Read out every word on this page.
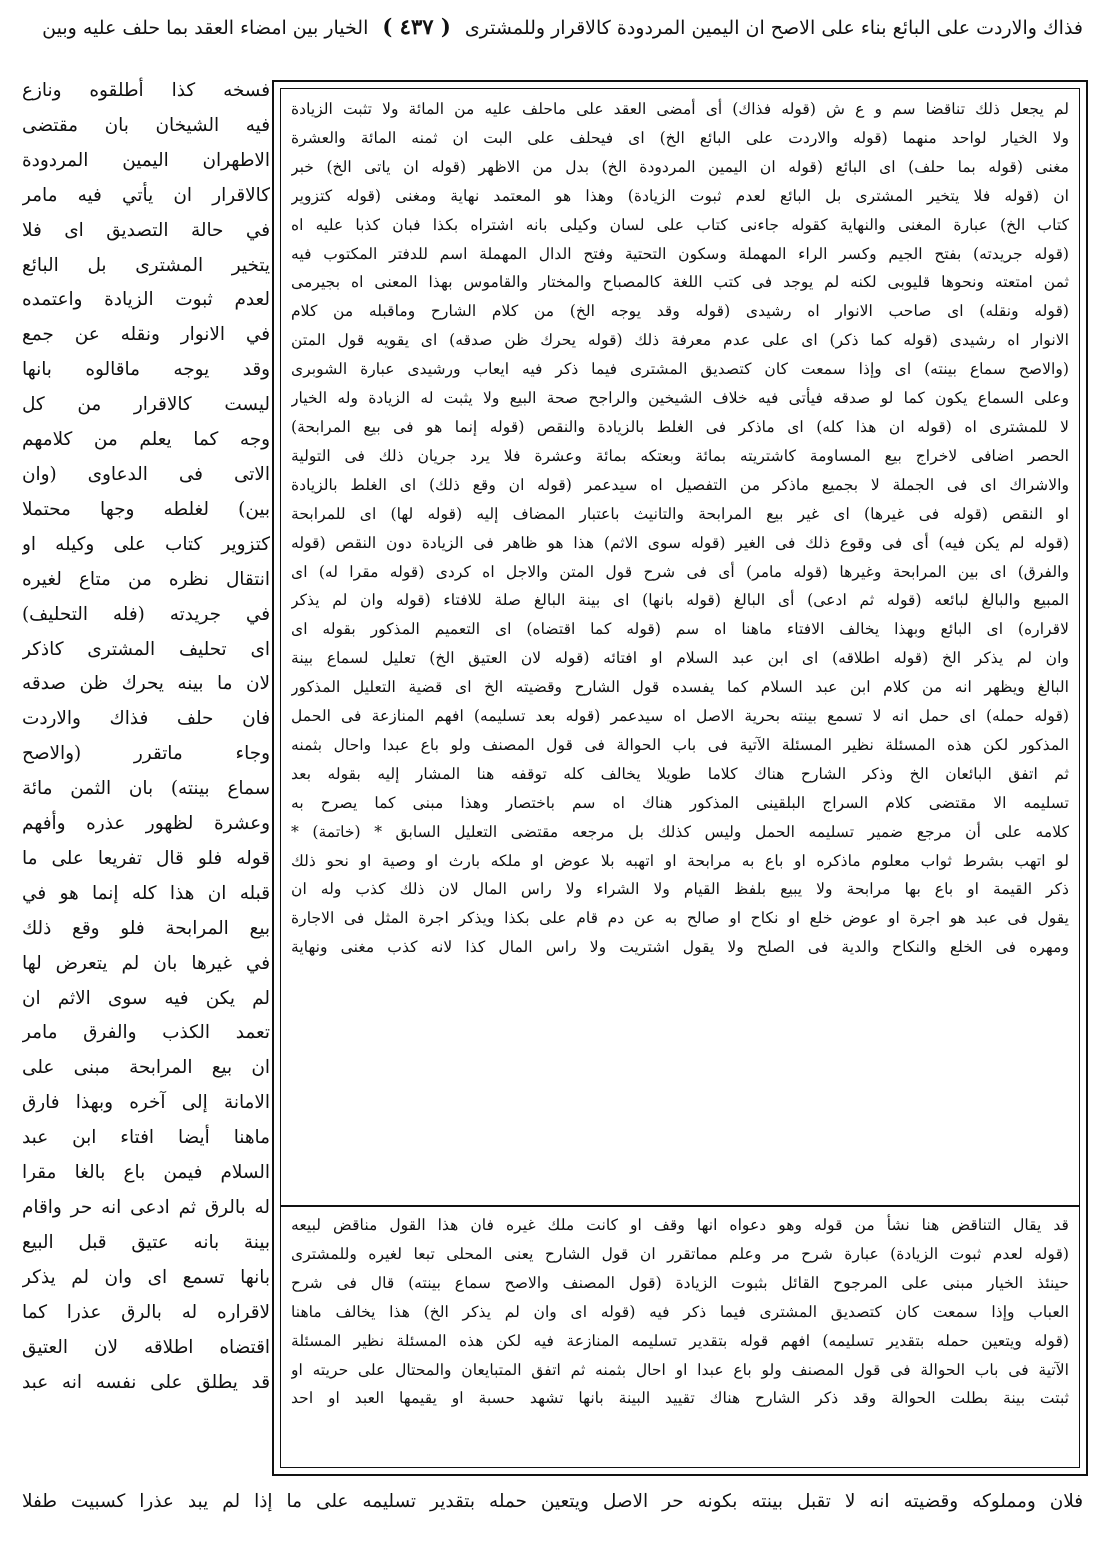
فذاك والاردت على البائع بناء على الاصح ان اليمين المردودة كالاقرار وللمشترى ( ٤٣٧ ) الخيار بين امضاء العقد بما حلف عليه وبين
فسخه كذا أطلقوه ونازع
فيه الشيخان بان مقتضى
الاطهران اليمين المردودة
كالاقرار ان يأتي فيه مامر
في حالة التصديق اى فلا
يتخير المشترى بل البائع
لعدم ثبوت الزيادة واعتمده
في الانوار ونقله عن جمع
وقد يوجه ماقالوه بانها
ليست كالاقرار من كل
وجه كما يعلم من كلامهم
الاتى فى الدعاوى (وان
بين) لغلطه وجها محتملا
كتزوير كتاب على وكيله او
انتقال نظره من متاع لغيره
في جريدته (فله التحليف)
اى تحليف المشترى كاذكر
لان ما بينه يحرك ظن صدقه
فان حلف فذاك والاردت
وجاء ماتقرر (والاصح
سماع بينته) بان الثمن مائة
وعشرة لظهور عذره وأفهم
قوله فلو قال تفريعا على ما
قبله ان هذا كله إنما هو في
بيع المرابحة فلو وقع ذلك
في غيرها بان لم يتعرض لها
لم يكن فيه سوى الاثم ان
تعمد الكذب والفرق مامر
ان بيع المرابحة مبنى على
الامانة إلى آخره وبهذا فارق
ماهنا أيضا افتاء ابن عبد
السلام فيمن باع بالغا مقرا
له بالرق ثم ادعى انه حر واقام
بينة بانه عتيق قبل البيع
بانها تسمع اى وان لم يذكر
لاقراره له بالرق عذرا كما
اقتضاه اطلاقه لان العتيق
قد يطلق على نفسه انه عبد
لم يجعل ذلك تناقضا سم و ع ش (قوله فذاك) أى أمضى العقد على ماحلف عليه من المائة ولا تثبت الزيادة
ولا الخيار لواحد منهما (قوله والاردت على البائع الخ) اى فيحلف على البت ان ثمنه المائة والعشرة
مغنى (قوله بما حلف) اى البائع (قوله ان اليمين المردودة الخ) بدل من الاظهر (قوله ان ياتى الخ) خبر
ان (قوله فلا يتخير المشترى بل البائع لعدم ثبوت الزيادة) وهذا هو المعتمد نهاية ومغنى (قوله كتزوير
كتاب الخ) عبارة المغنى والنهاية كقوله جاءنى كتاب على لسان وكيلى بانه اشتراه بكذا فبان كذبا عليه اه
(قوله جريدته) بفتح الجيم وكسر الراء المهملة وسكون التحتية وفتح الدال المهملة اسم للدفتر المكتوب فيه
ثمن امتعته ونحوها قليوبى لكنه لم يوجد فى كتب اللغة كالمصباح والمختار والقاموس بهذا المعنى اه بجيرمى
(قوله ونقله) اى صاحب الانوار اه رشيدى (قوله وقد يوجه الخ) من كلام الشارح وماقبله من كلام
الانوار اه رشيدى (قوله كما ذكر) اى على عدم معرفة ذلك (قوله يحرك ظن صدقه) اى يقويه قول المتن
(والاصح سماع بينته) اى وإذا سمعت كان كتصديق المشترى فيما ذكر فيه ايعاب ورشيدى عبارة الشوبرى
وعلى السماع يكون كما لو صدقه فيأتى فيه خلاف الشيخين والراجح صحة البيع ولا يثبت له الزيادة وله الخيار
لا للمشترى اه (قوله ان هذا كله) اى ماذكر فى الغلط بالزيادة والنقص (قوله إنما هو فى بيع المرابحة)
الحصر اضافى لاخراج بيع المساومة كاشتريته بمائة وبعتكه بمائة وعشرة فلا يرد جريان ذلك فى التولية
والاشراك اى فى الجملة لا بجميع ماذكر من التفصيل اه سيدعمر (قوله ان وقع ذلك) اى الغلط بالزيادة
او النقص (قوله فى غيرها) اى غير بيع المرابحة والتانيث باعتبار المضاف إليه (قوله لها) اى للمرابحة
(قوله لم يكن فيه) أى فى وقوع ذلك فى الغير (قوله سوى الاثم) هذا هو ظاهر فى الزيادة دون النقص (قوله
والفرق) اى بين المرابحة وغيرها (قوله مامر) أى فى شرح قول المتن والاجل اه كردى (قوله مقرا له) اى
المبيع والبالغ لبائعه (قوله ثم ادعى) أى البالغ (قوله بانها) اى بينة البالغ صلة للافتاء (قوله وان لم يذكر
لاقراره) اى البائع وبهذا يخالف الافتاء ماهنا اه سم (قوله كما اقتضاه) اى التعميم المذكور بقوله اى
وان لم يذكر الخ (قوله اطلاقه) اى ابن عبد السلام او افتائه (قوله لان العتيق الخ) تعليل لسماع بينة
البالغ ويظهر انه من كلام ابن عبد السلام كما يفسده قول الشارح وقضيته الخ اى قضية التعليل المذكور
(قوله حمله) اى حمل انه لا تسمع بينته بحرية الاصل اه سيدعمر (قوله بعد تسليمه) افهم المنازعة فى الحمل
المذكور لكن هذه المسئلة نظير المسئلة الآتية فى باب الحوالة فى قول المصنف ولو باع عبدا واحال بثمنه
ثم اتفق البائعان الخ وذكر الشارح هناك كلاما طويلا يخالف كله توقفه هنا المشار إليه بقوله بعد
تسليمه الا مقتضى كلام السراج البلقينى المذكور هناك اه سم باختصار وهذا مبنى كما يصرح به
كلامه على أن مرجع ضمير تسليمه الحمل وليس كذلك بل مرجعه مقتضى التعليل السابق * (خاتمة) *
لو اتهب بشرط ثواب معلوم ماذكره او باع به مرابحة او اتهبه بلا عوض او ملكه بارث او وصية او نحو ذلك
ذكر القيمة او باع بها مرابحة ولا يبيع بلفظ القيام ولا الشراء ولا راس المال لان ذلك كذب وله ان
يقول فى عبد هو اجرة او عوض خلع او نكاح او صالح به عن دم قام على بكذا ويذكر اجرة المثل فى الاجارة
ومهره فى الخلع والنكاح والدية فى الصلح ولا يقول اشتريت ولا راس المال كذا لانه كذب مغنى ونهاية
قد يقال التناقض هنا نشأ من قوله وهو دعواه انها وقف او كانت ملك غيره فان هذا القول مناقض لبيعه
(قوله لعدم ثبوت الزيادة) عبارة شرح مر وعلم مماتقرر ان قول الشارح يعنى المحلى تبعا لغيره وللمشترى
حينئذ الخيار مبنى على المرجوح القائل بثبوت الزيادة (قول المصنف والاصح سماع بينته) قال فى شرح
العباب وإذا سمعت كان كتصديق المشترى فيما ذكر فيه (قوله اى وان لم يذكر الخ) هذا يخالف ماهنا
(قوله ويتعين حمله بتقدير تسليمه) افهم قوله بتقدير تسليمه المنازعة فيه لكن هذه المسئلة نظير المسئلة
الآتية فى باب الحوالة فى قول المصنف ولو باع عبدا او احال بثمنه ثم اتفق المتبايعان والمحتال على حريته او
ثبتت بينة بطلت الحوالة وقد ذكر الشارح هناك تقييد البينة بانها تشهد حسبة او يقيمها العبد او احد

فلان ومملوكه وقضيته انه لا تقبل بينته بكونه حر الاصل ويتعين حمله بتقدير تسليمه على ما إذا لم يبد عذرا كسبيت طفلا
